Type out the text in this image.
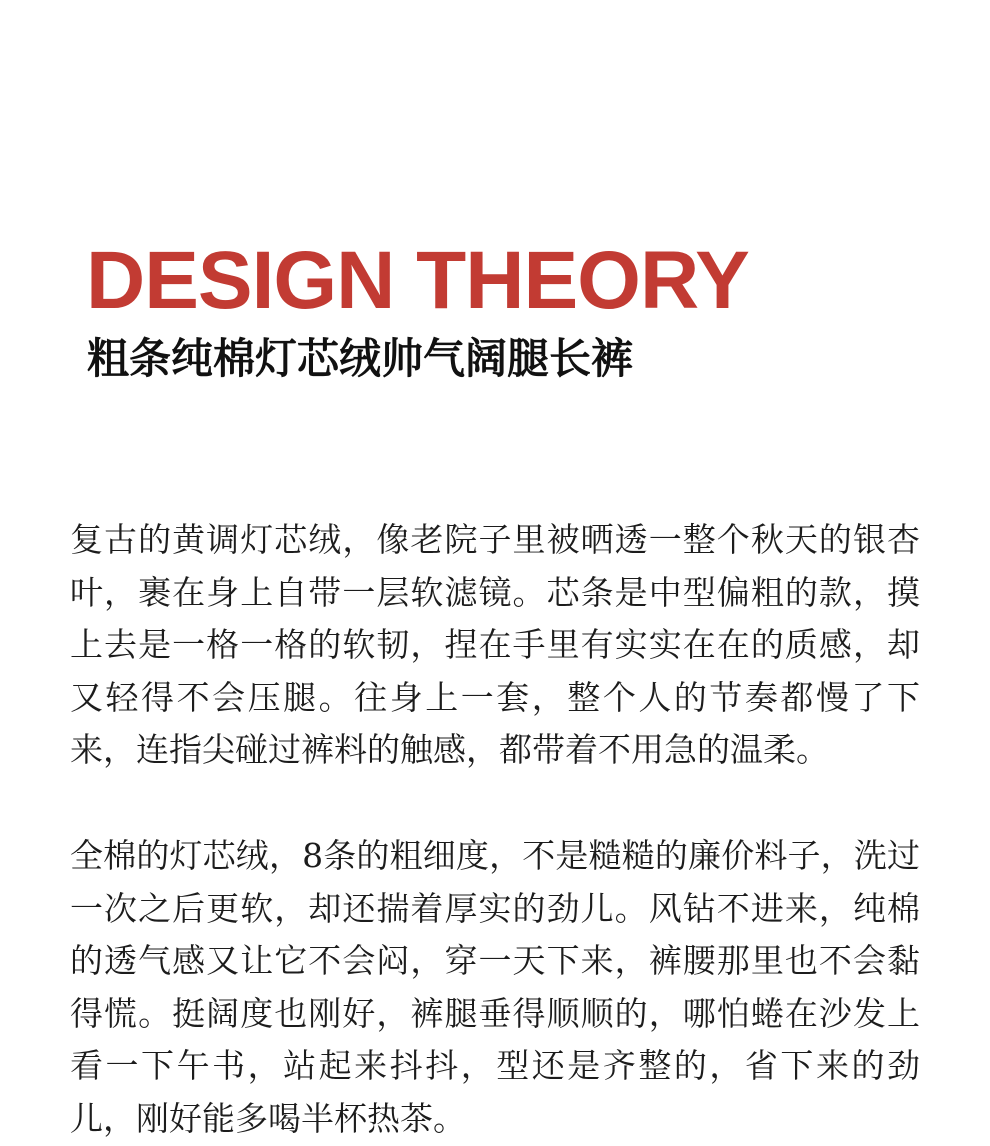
DESIGN THEORY
粗条纯棉灯芯绒帅气阔腿长裤

复古的黄调灯芯绒，像老院子里被晒透一整个秋天的银杏叶，裹在身上自带一层软滤镜。芯条是中型偏粗的款，摸上去是一格一格的软韧，捏在手里有实实在在的质感，却又轻得不会压腿。往身上一套，整个人的节奏都慢了下来，连指尖碰过裤料的触感，都带着不用急的温柔。

全棉的灯芯绒，8条的粗细度，不是糙糙的廉价料子，洗过一次之后更软，却还揣着厚实的劲儿。风钻不进来，纯棉的透气感又让它不会闷，穿一天下来，裤腰那里也不会黏得慌。挺阔度也刚好，裤腿垂得顺顺的，哪怕蜷在沙发上看一下午书，站起来抖抖，型还是齐整的，省下来的劲儿，刚好能多喝半杯热茶。
